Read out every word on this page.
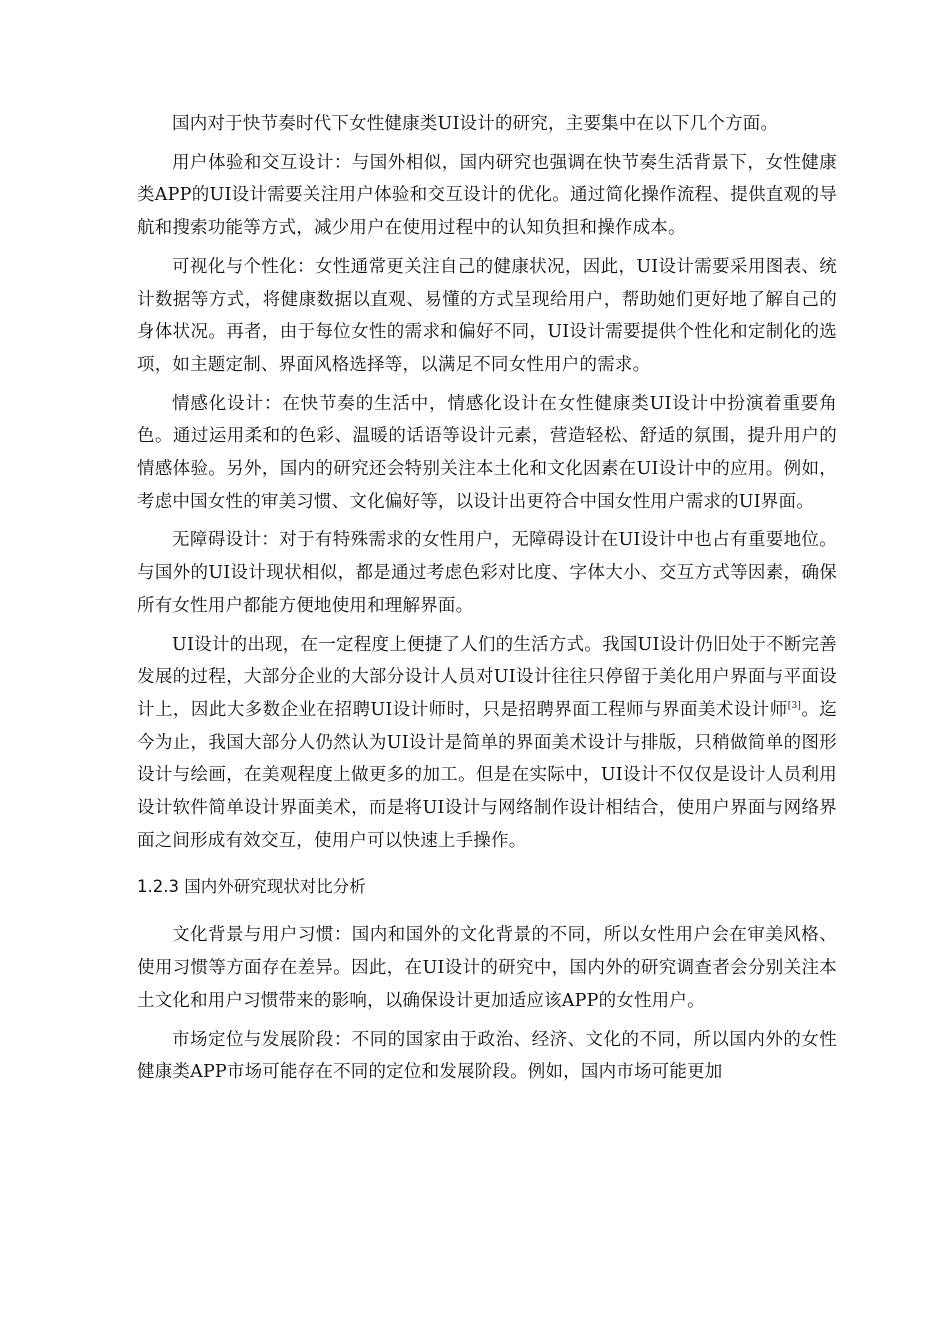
国内对于快节奏时代下女性健康类UI设计的研究，主要集中在以下几个方面。

用户体验和交互设计：与国外相似，国内研究也强调在快节奏生活背景下，女性健康类APP的UI设计需要关注用户体验和交互设计的优化。通过简化操作流程、提供直观的导航和搜索功能等方式，减少用户在使用过程中的认知负担和操作成本。

可视化与个性化：女性通常更关注自己的健康状况，因此，UI设计需要采用图表、统计数据等方式，将健康数据以直观、易懂的方式呈现给用户，帮助她们更好地了解自己的身体状况。再者，由于每位女性的需求和偏好不同，UI设计需要提供个性化和定制化的选项，如主题定制、界面风格选择等，以满足不同女性用户的需求。

情感化设计：在快节奏的生活中，情感化设计在女性健康类UI设计中扮演着重要角色。通过运用柔和的色彩、温暖的话语等设计元素，营造轻松、舒适的氛围，提升用户的情感体验。另外，国内的研究还会特别关注本土化和文化因素在UI设计中的应用。例如，考虑中国女性的审美习惯、文化偏好等，以设计出更符合中国女性用户需求的UI界面。

无障碍设计：对于有特殊需求的女性用户，无障碍设计在UI设计中也占有重要地位。与国外的UI设计现状相似，都是通过考虑色彩对比度、字体大小、交互方式等因素，确保所有女性用户都能方便地使用和理解界面。

UI设计的出现，在一定程度上便捷了人们的生活方式。我国UI设计仍旧处于不断完善发展的过程，大部分企业的大部分设计人员对UI设计往往只停留于美化用户界面与平面设计上，因此大多数企业在招聘UI设计师时，只是招聘界面工程师与界面美术设计师[3]。迄今为止，我国大部分人仍然认为UI设计是简单的界面美术设计与排版，只稍做简单的图形设计与绘画，在美观程度上做更多的加工。但是在实际中，UI设计不仅仅是设计人员利用设计软件简单设计界面美术，而是将UI设计与网络制作设计相结合，使用户界面与网络界面之间形成有效交互，使用户可以快速上手操作。

1.2.3 国内外研究现状对比分析

文化背景与用户习惯：国内和国外的文化背景的不同，所以女性用户会在审美风格、使用习惯等方面存在差异。因此，在UI设计的研究中，国内外的研究调查者会分别关注本土文化和用户习惯带来的影响，以确保设计更加适应该APP的女性用户。

市场定位与发展阶段：不同的国家由于政治、经济、文化的不同，所以国内外的女性健康类APP市场可能存在不同的定位和发展阶段。例如，国内市场可能更加
